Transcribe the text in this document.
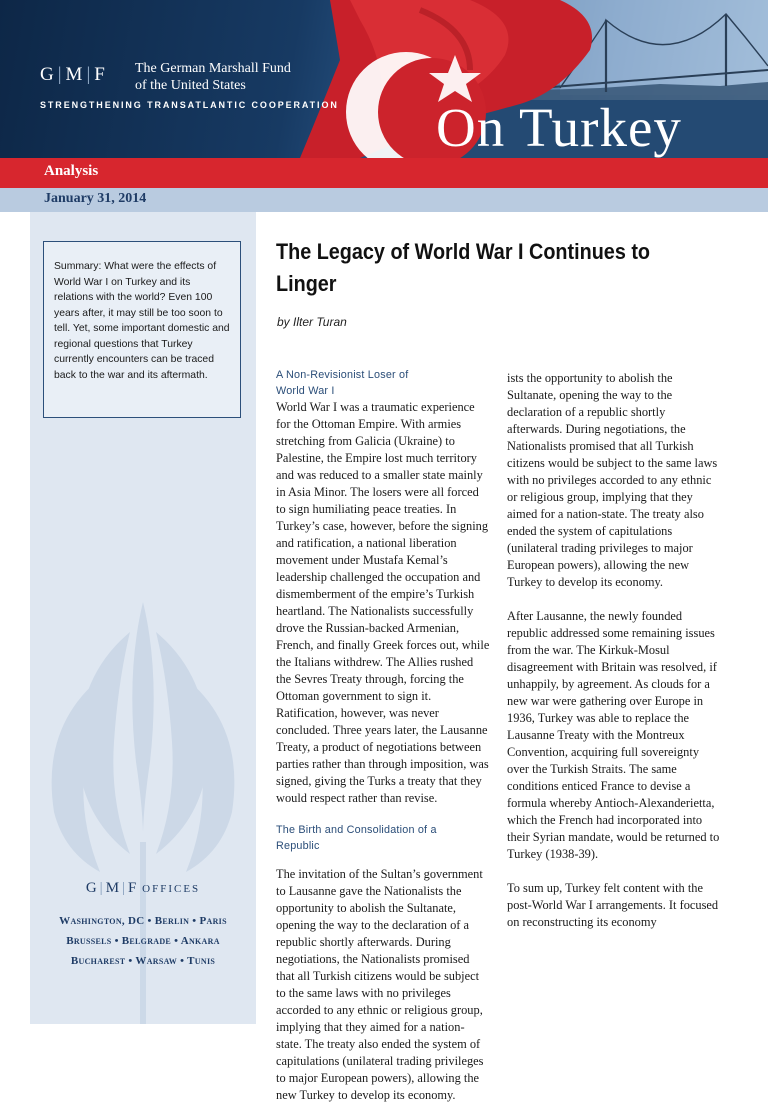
G | M | F The German Marshall Fund
of the United States
STRENGTHENING TRANSATLANTIC COOPERATION On Turkey
Analysis
January 31, 2014
Summary: What were the effects of World War I on Turkey and its relations with the world? Even 100 years after, it may still be too soon to tell. Yet, some important domestic and regional questions that Turkey currently encounters can be traced back to the war and its aftermath.
G | M | F OFFICES
Washington, DC • Berlin • Paris
Brussels • Belgrade • Ankara
Bucharest • Warsaw • Tunis
The Legacy of World War I Continues to Linger
by Ilter Turan
A Non-Revisionist Loser of World War I

World War I was a traumatic experience for the Ottoman Empire. With armies stretching from Galicia (Ukraine) to Palestine, the Empire lost much territory and was reduced to a smaller state mainly in Asia Minor. The losers were all forced to sign humiliating peace treaties. In Turkey’s case, however, before the signing and ratification, a national liberation movement under Mustafa Kemal’s leadership challenged the occupation and dismemberment of the empire’s Turkish heartland. The Nationalists successfully drove the Russian-backed Armenian, French, and finally Greek forces out, while the Italians withdrew. The Allies rushed the Sevres Treaty through, forcing the Ottoman government to sign it. Ratification, however, was never concluded. Three years later, the Lausanne Treaty, a product of negotiations between parties rather than through imposition, was signed, giving the Turks a treaty that they would respect rather than revise.

The Birth and Consolidation of a Republic

The invitation of the Sultan’s government to Lausanne gave the Nationalists the opportunity to abolish the Sultanate, opening the way to the declaration of a republic shortly afterwards. During negotiations, the Nationalists promised that all Turkish citizens would be subject to the same laws with no privileges accorded to any ethnic or religious group, implying that they aimed for a nation-state. The treaty also ended the system of capitulations (unilateral trading privileges to major European powers), allowing the new Turkey to develop its economy.

ists the opportunity to abolish the Sultanate, opening the way to the declaration of a republic shortly afterwards. During negotiations, the Nationalists promised that all Turkish citizens would be subject to the same laws with no privileges accorded to any ethnic or religious group, implying that they aimed for a nation-state. The treaty also ended the system of capitulations (unilateral trading privileges to major European powers), allowing the new Turkey to develop its economy.

After Lausanne, the newly founded republic addressed some remaining issues from the war. The Kirkuk-Mosul disagreement with Britain was resolved, if unhappily, by agreement. As clouds for a new war were gathering over Europe in 1936, Turkey was able to replace the Lausanne Treaty with the Montreux Convention, acquiring full sovereignty over the Turkish Straits. The same conditions enticed France to devise a formula whereby Antioch-Alexanderietta, which the French had incorporated into their Syrian mandate, would be returned to Turkey (1938-39).

To sum up, Turkey felt content with the post-World War I arrangements. It focused on reconstructing its economy
